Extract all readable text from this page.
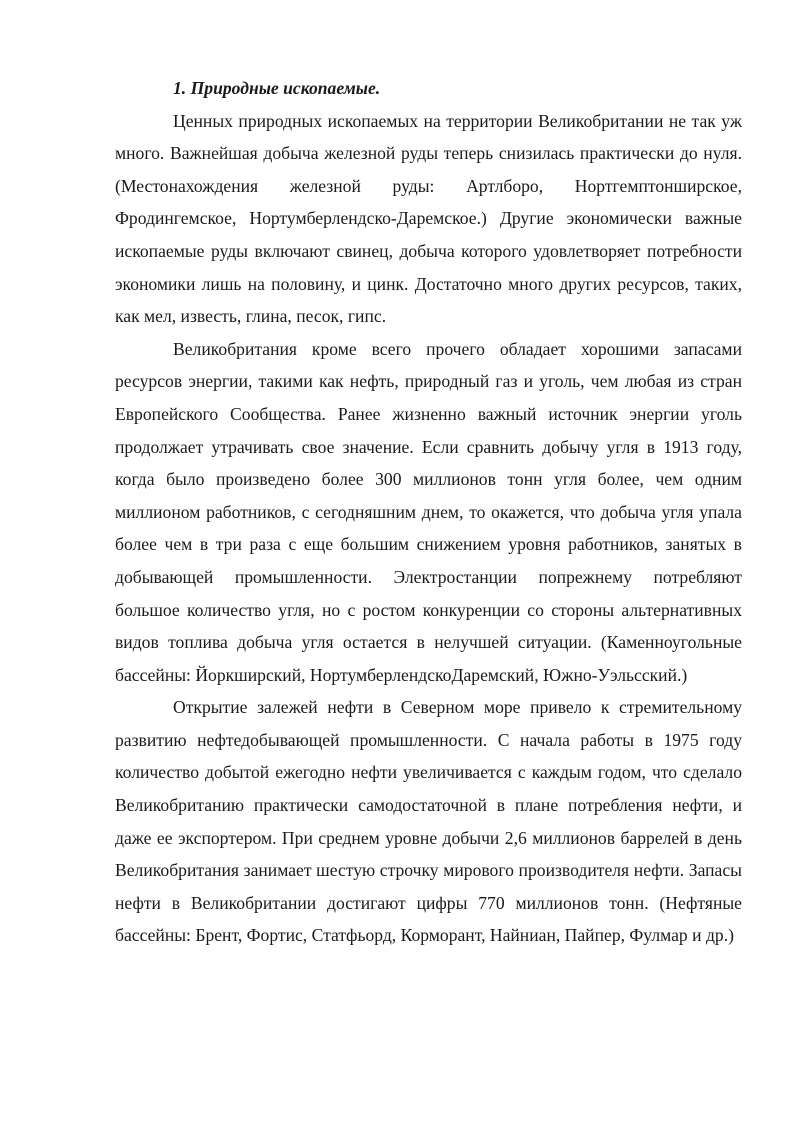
1. Природные ископаемые.

Ценных природных ископаемых на территории Великобритании не так уж много. Важнейшая добыча железной руды теперь снизилась практически до нуля. (Местонахождения железной руды: Артлборо, Нортгемптонширское, Фродингемское, Нортумберлендско-Даремское.) Другие экономически важные ископаемые руды включают свинец, добыча которого удовлетворяет потребности экономики лишь на половину, и цинк. Достаточно много других ресурсов, таких, как мел, известь, глина, песок, гипс.

Великобритания кроме всего прочего обладает хорошими запасами ресурсов энергии, такими как нефть, природный газ и уголь, чем любая из стран Европейского Сообщества. Ранее жизненно важный источник энергии уголь продолжает утрачивать свое значение. Если сравнить добычу угля в 1913 году, когда было произведено более 300 миллионов тонн угля более, чем одним миллионом работников, с сегодняшним днем, то окажется, что добыча угля упала более чем в три раза с еще большим снижением уровня работников, занятых в добывающей промышленности. Электростанции попрежнему потребляют большое количество угля, но с ростом конкуренции со стороны альтернативных видов топлива добыча угля остается в нелучшей ситуации. (Каменноугольные бассейны: Йоркширский, НортумберлендскоДаремский, Южно-Уэльсский.)

Открытие залежей нефти в Северном море привело к стремительному развитию нефтедобывающей промышленности. С начала работы в 1975 году количество добытой ежегодно нефти увеличивается с каждым годом, что сделало Великобританию практически самодостаточной в плане потребления нефти, и даже ее экспортером. При среднем уровне добычи 2,6 миллионов баррелей в день Великобритания занимает шестую строчку мирового производителя нефти. Запасы нефти в Великобритании достигают цифры 770 миллионов тонн. (Нефтяные бассейны: Брент, Фортис, Статфьорд, Корморант, Найниан, Пайпер, Фулмар и др.)
